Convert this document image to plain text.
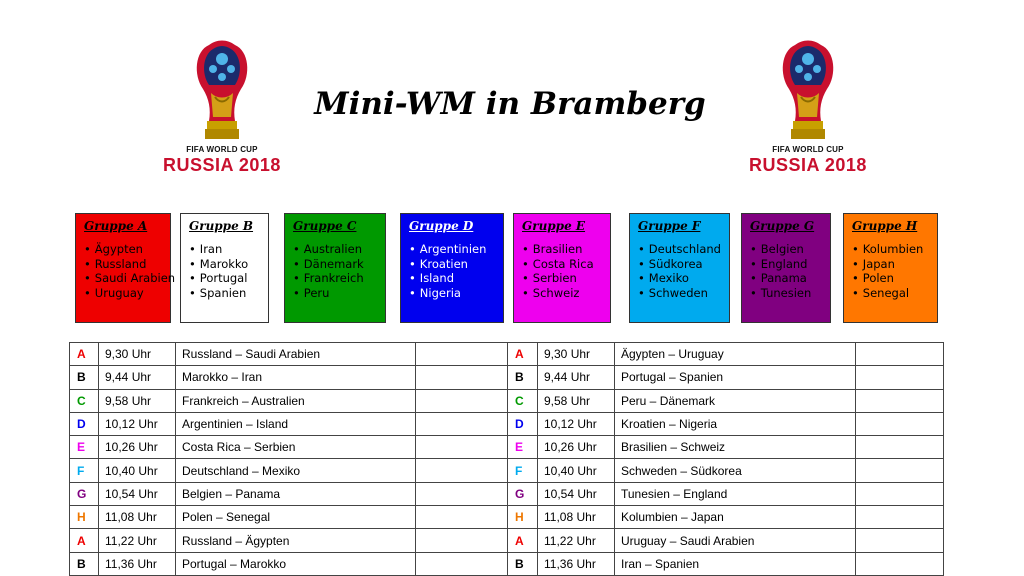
FIFA WORLD CUP
RUSSIA 2018
FIFA WORLD CUP
RUSSIA 2018
Mini-WM in Bramberg
Gruppe A
• Ägypten
• Russland
• Saudi Arabien
• Uruguay
Gruppe B
• Iran
• Marokko
• Portugal
• Spanien
Gruppe C
• Australien
• Dänemark
• Frankreich
• Peru
Gruppe D
• Argentinien
• Kroatien
• Island
• Nigeria
Gruppe E
• Brasilien
• Costa Rica
• Serbien
• Schweiz
Gruppe F
• Deutschland
• Südkorea
• Mexiko
• Schweden
Gruppe G
• Belgien
• England
• Panama
• Tunesien
Gruppe H
• Kolumbien
• Japan
• Polen
• Senegal
A	9,30 Uhr	Russland – Saudi Arabien		A	9,30 Uhr	Ägypten – Uruguay	
B	9,44 Uhr	Marokko – Iran		B	9,44 Uhr	Portugal – Spanien	
C	9,58 Uhr	Frankreich – Australien		C	9,58 Uhr	Peru – Dänemark	
D	10,12 Uhr	Argentinien – Island		D	10,12 Uhr	Kroatien – Nigeria	
E	10,26 Uhr	Costa Rica – Serbien		E	10,26 Uhr	Brasilien – Schweiz	
F	10,40 Uhr	Deutschland – Mexiko		F	10,40 Uhr	Schweden – Südkorea	
G	10,54 Uhr	Belgien – Panama		G	10,54 Uhr	Tunesien – England	
H	11,08 Uhr	Polen – Senegal		H	11,08 Uhr	Kolumbien – Japan	
A	11,22 Uhr	Russland – Ägypten		A	11,22 Uhr	Uruguay – Saudi Arabien	
B	11,36 Uhr	Portugal – Marokko		B	11,36 Uhr	Iran – Spanien	
